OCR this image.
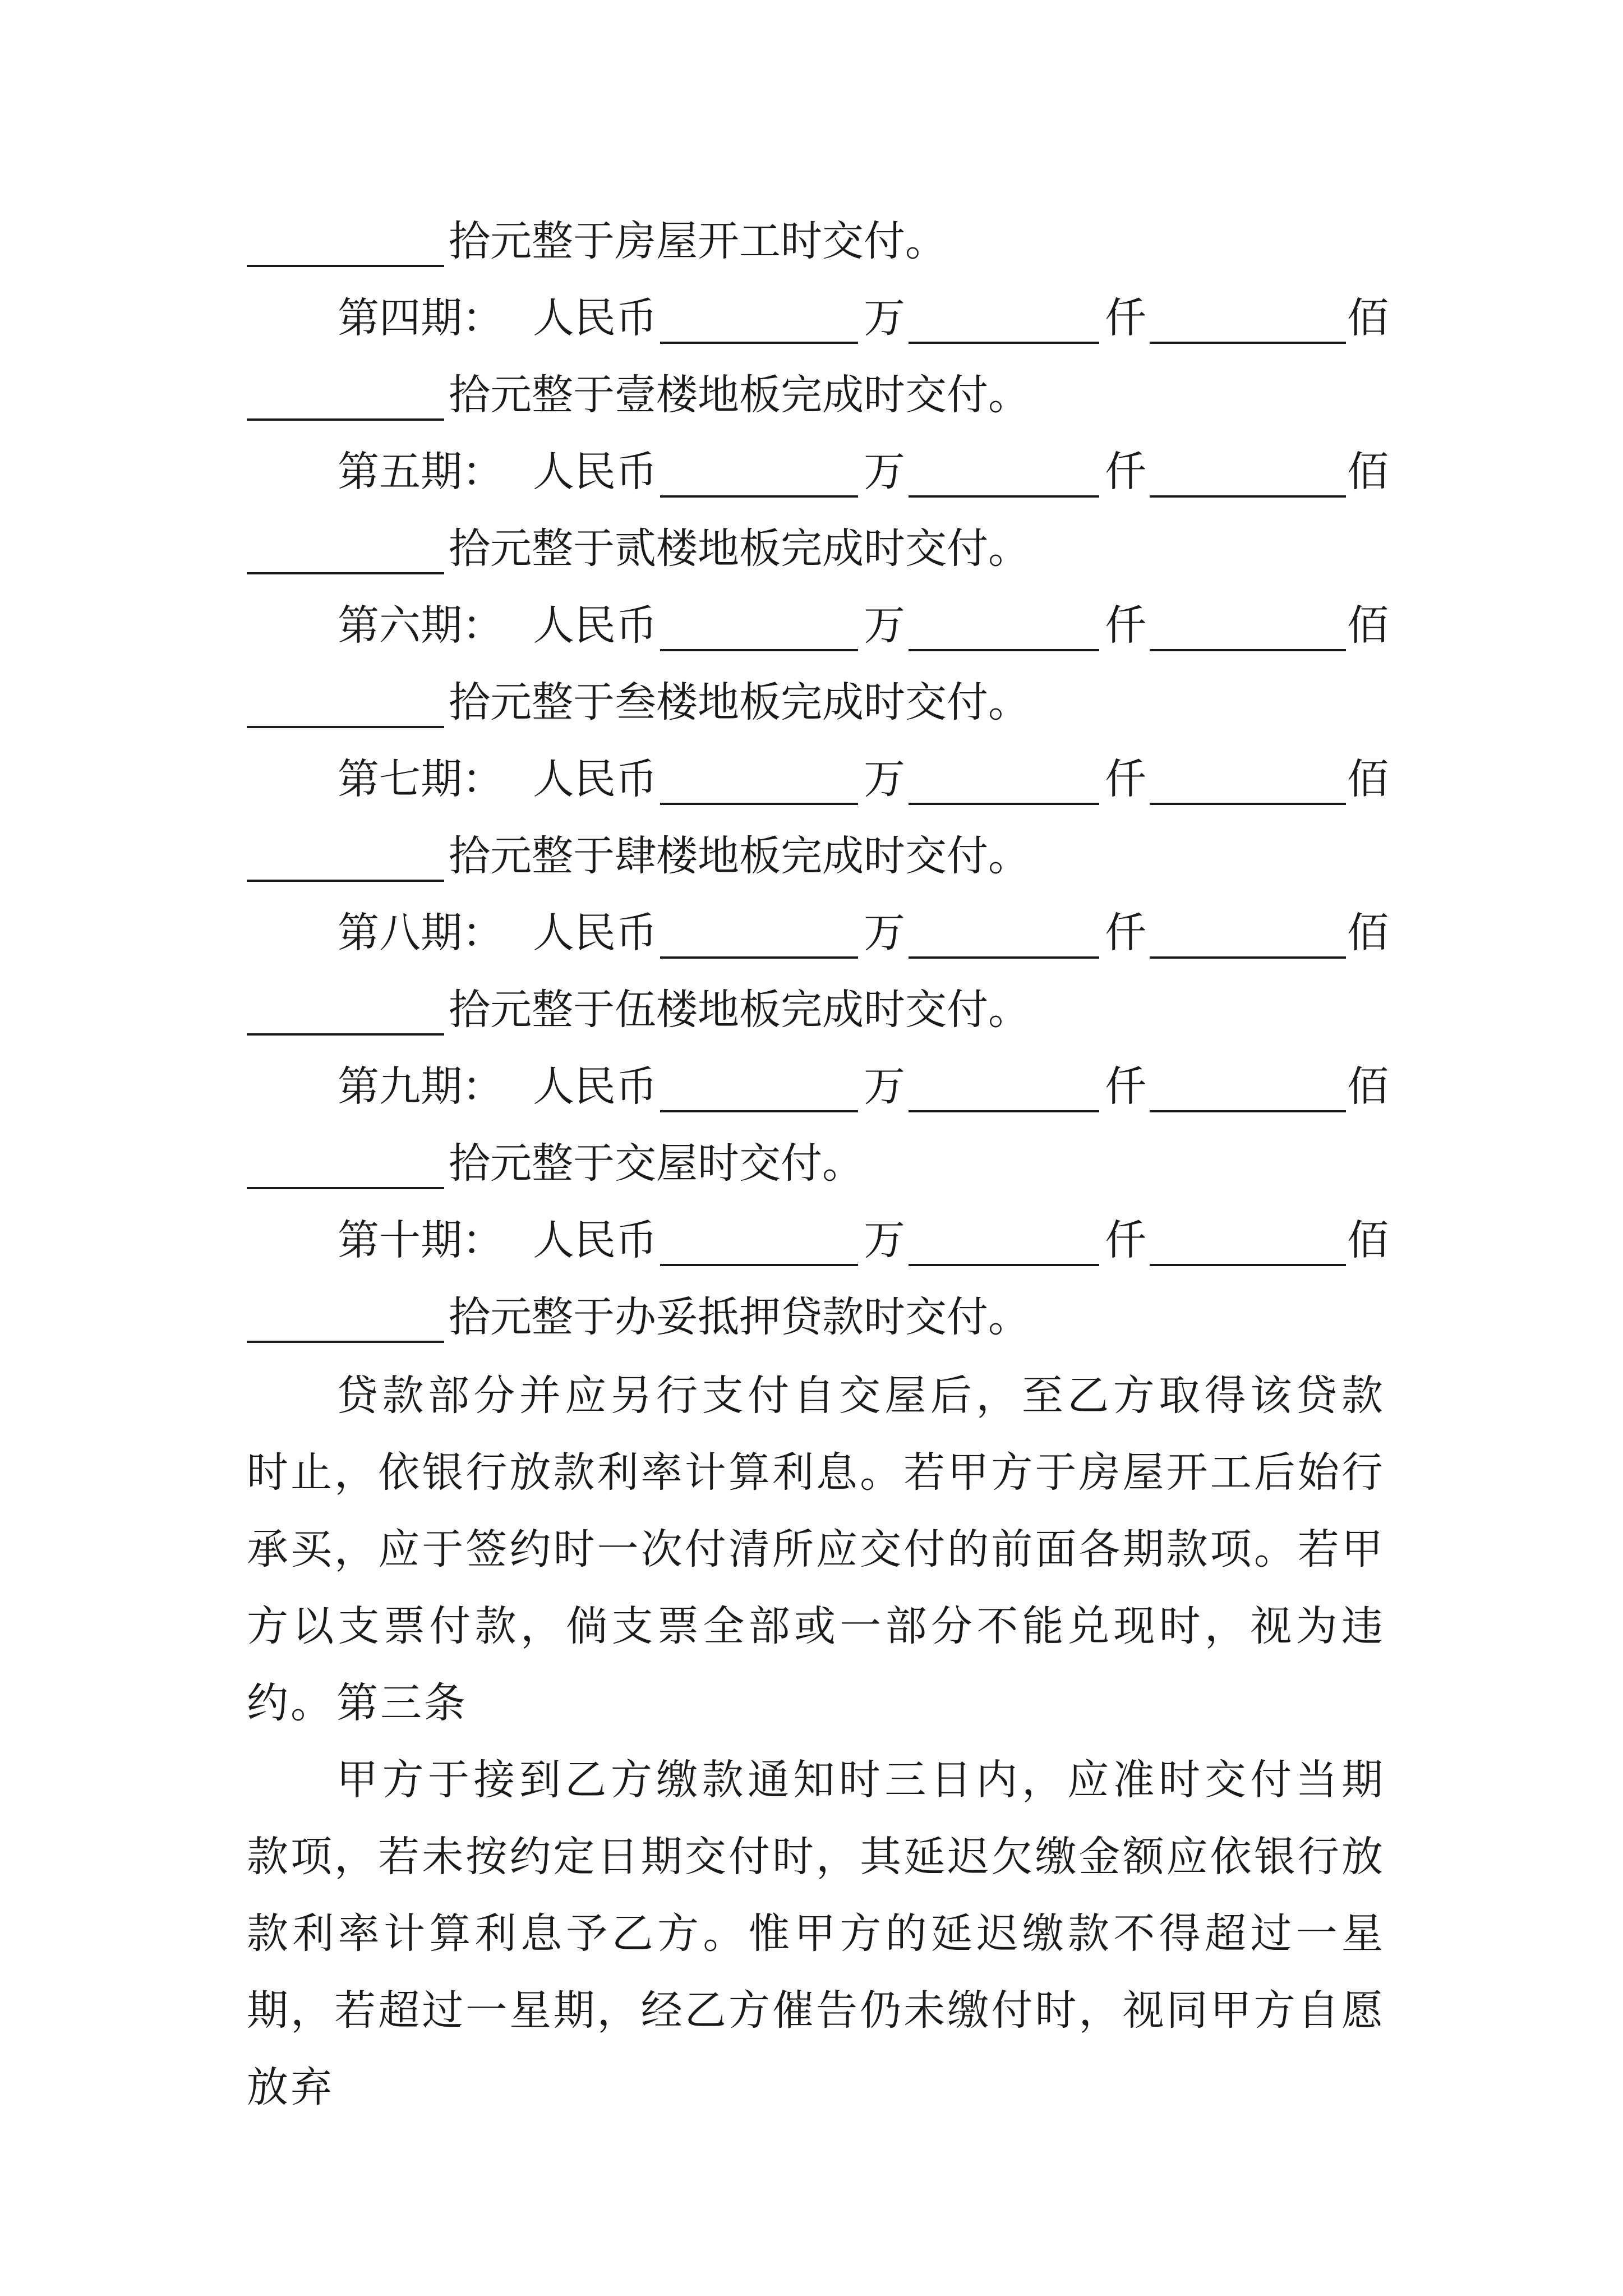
拾元整于房屋开工时交付。
第四期： 人民币	万	仟	佰
拾元整于壹楼地板完成时交付。
第五期： 人民币	万	仟	佰
拾元整于贰楼地板完成时交付。
第六期： 人民币	万	仟	佰
拾元整于叁楼地板完成时交付。
第七期： 人民币	万	仟	佰
拾元整于肆楼地板完成时交付。
第八期： 人民币	万	仟	佰
拾元整于伍楼地板完成时交付。
第九期： 人民币	万	仟	佰
拾元整于交屋时交付。
第十期： 人民币	万	仟	佰
拾元整于办妥抵押贷款时交付。
贷款部分并应另行支付自交屋后，至乙方取得该贷款时止，依银行放款利率计算利息。若甲方于房屋开工后始行承买，应于签约时一次付清所应交付的前面各期款项。若甲方以支票付款，倘支票全部或一部分不能兑现时，视为违约。 第三条
甲方于接到乙方缴款通知时三日内，应准时交付当期款项，若未按约定日期交付时，其延迟欠缴金额应依银行放款利率计算利息予乙方。惟甲方的延迟缴款不得超过一星期，若超过一星期，经乙方催告仍未缴付时，视同甲方自愿放弃
